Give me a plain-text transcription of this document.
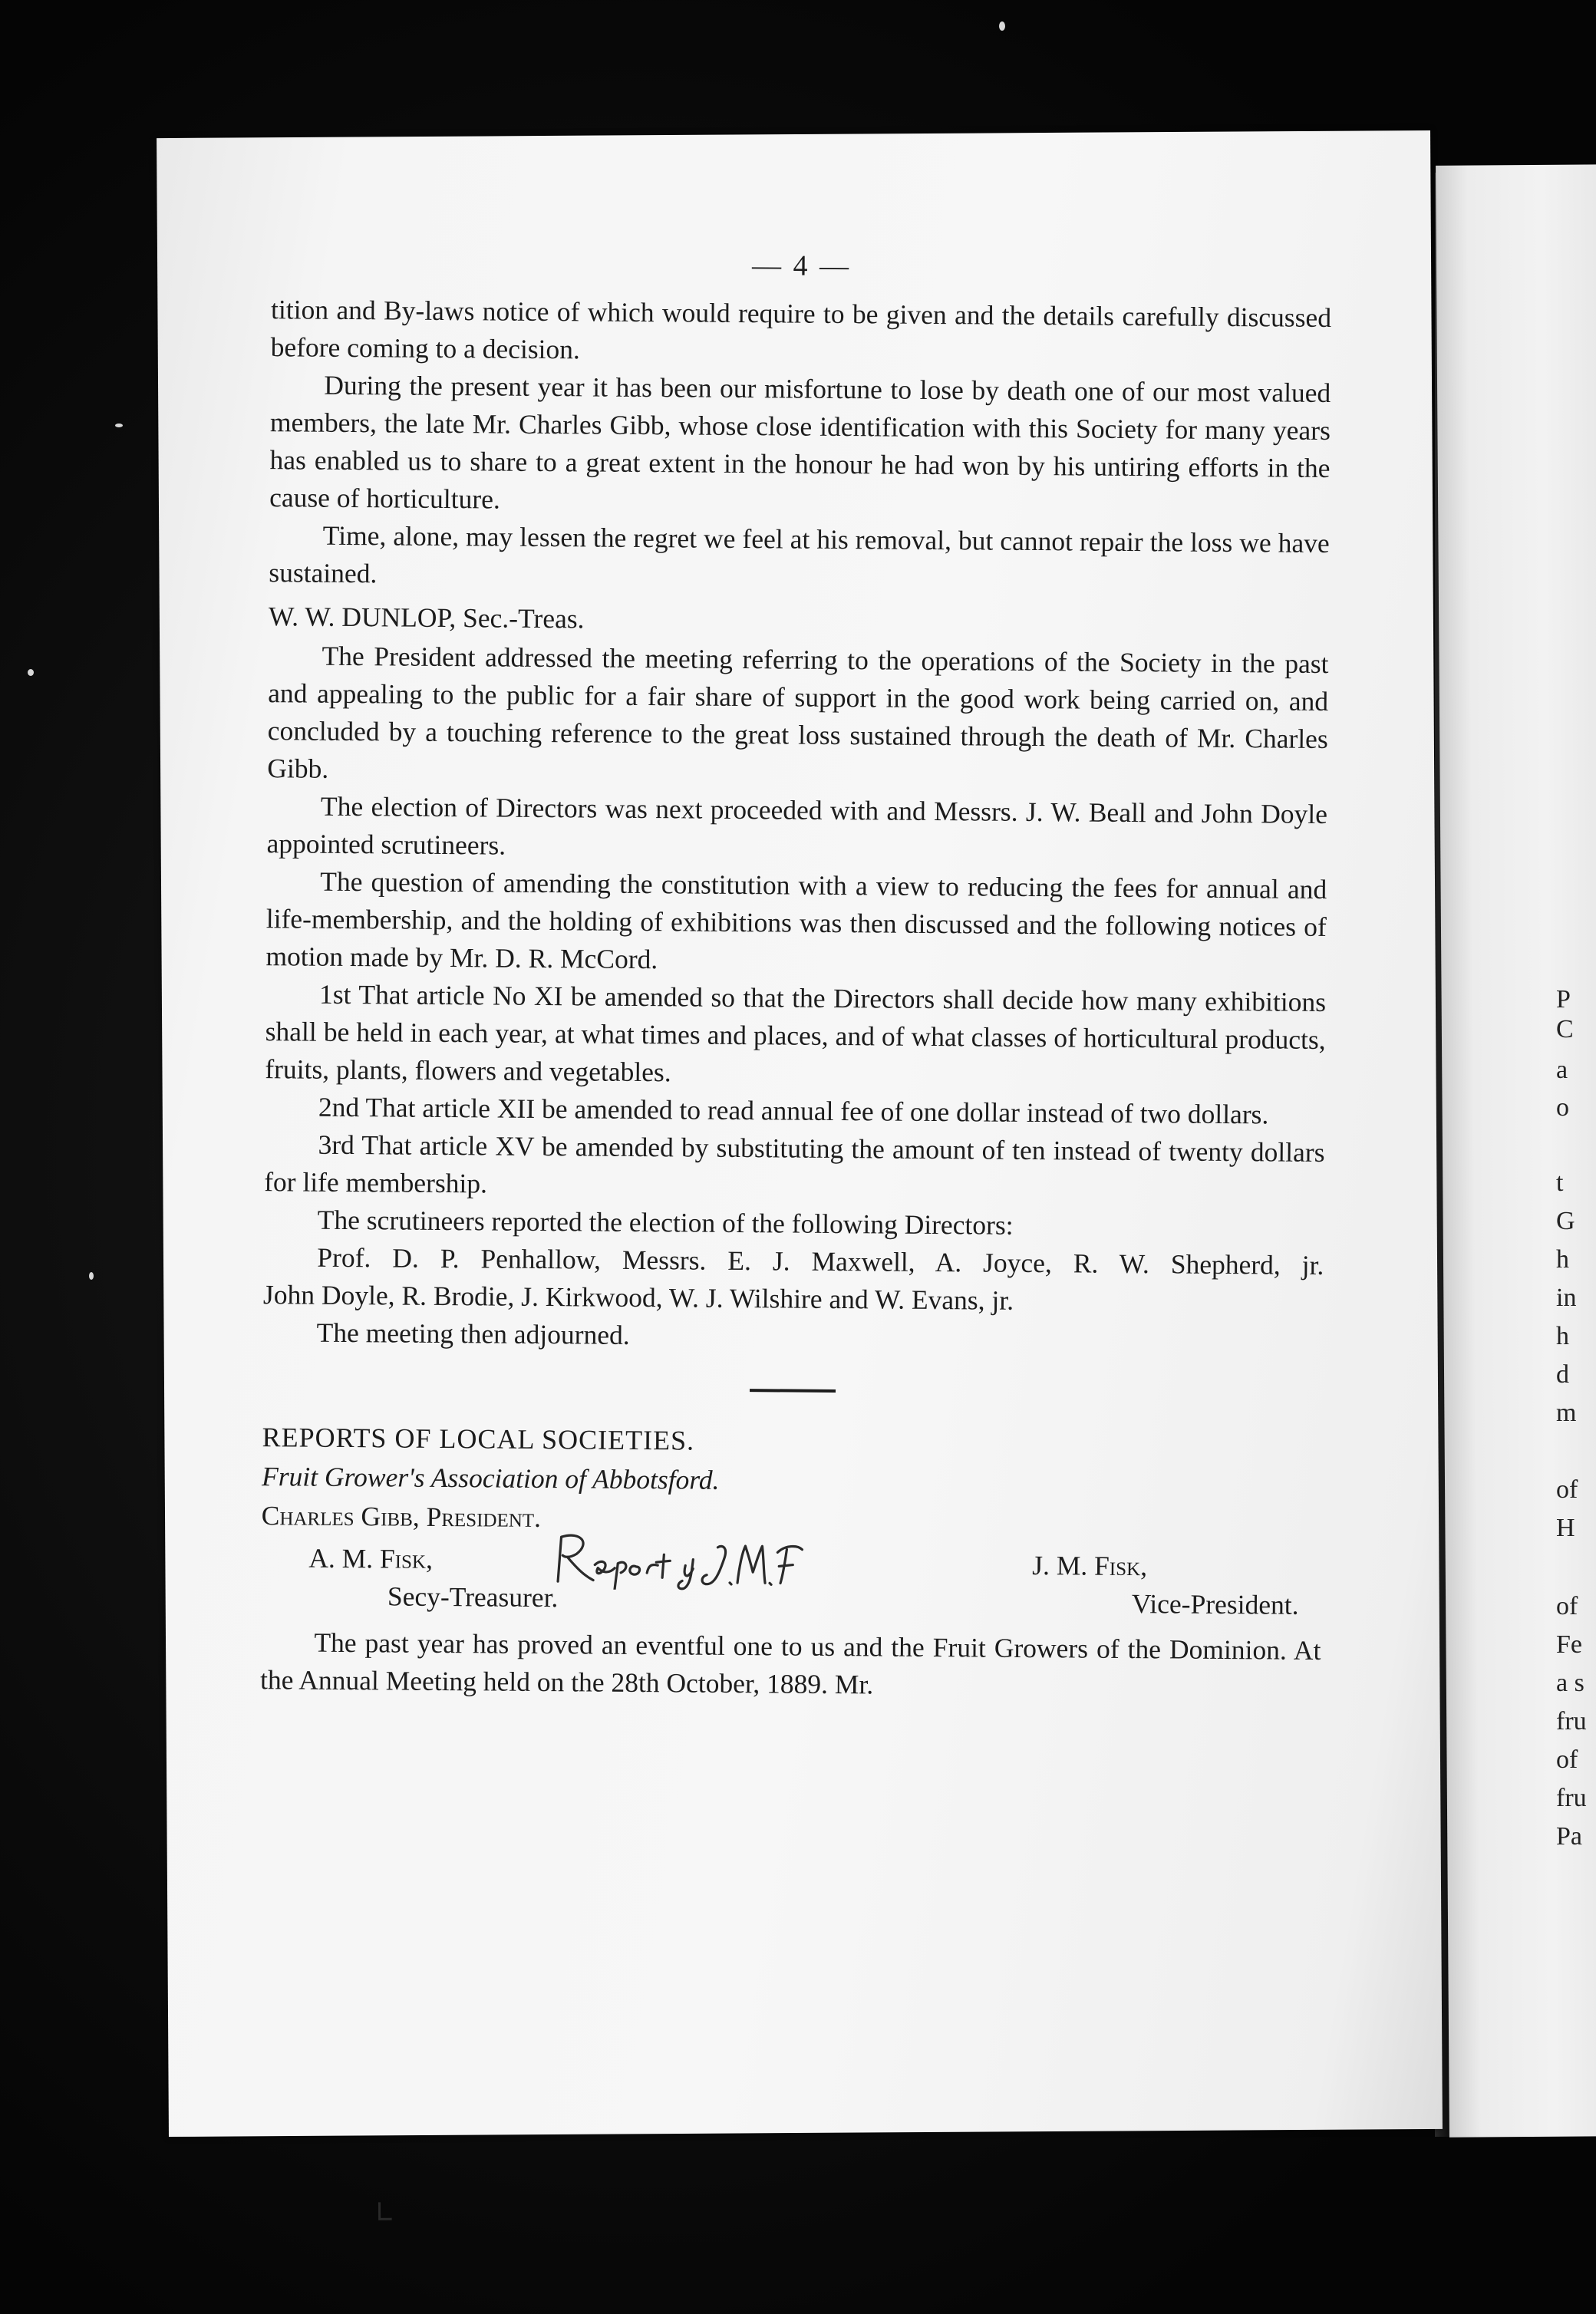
P
C
a
o
t
G
h
in
h
d
m
of
H
of
Fe
a s
fru
of
fru
Pa
— 4 —

tition and By-laws notice of which would require to be given and the details carefully discussed before coming to a decision.

During the present year it has been our misfortune to lose by death one of our most valued members, the late Mr. Charles Gibb, whose close identification with this Society for many years has enabled us to share to a great extent in the honour he had won by his untiring efforts in the cause of horticulture.

Time, alone, may lessen the regret we feel at his removal, but cannot repair the loss we have sustained.

W. W. DUNLOP, Sec.-Treas.

The President addressed the meeting referring to the operations of the Society in the past and appealing to the public for a fair share of support in the good work being carried on, and concluded by a touching reference to the great loss sustained through the death of Mr. Charles Gibb.

The election of Directors was next proceeded with and Messrs. J. W. Beall and John Doyle appointed scrutineers.

The question of amending the constitution with a view to reducing the fees for annual and life-membership, and the holding of exhibitions was then discussed and the following notices of motion made by Mr. D. R. McCord.

1st That article No XI be amended so that the Directors shall decide how many exhibitions shall be held in each year, at what times and places, and of what classes of horticultural products, fruits, plants, flowers and vegetables.

2nd That article XII be amended to read annual fee of one dollar instead of two dollars.

3rd That article XV be amended by substituting the amount of ten instead of twenty dollars for life membership.

The scrutineers reported the election of the following Directors:

Prof. D. P. Penhallow, Messrs. E. J. Maxwell, A. Joyce, R. W. Shepherd, jr.

John Doyle, R. Brodie, J. Kirkwood, W. J. Wilshire and W. Evans, jr.

The meeting then adjourned.

REPORTS OF LOCAL SOCIETIES.

Fruit Grower's Association of Abbotsford.

Charles Gibb, President.

A. M. Fisk,
Secy-Treasurer.
J. M. Fisk,
Vice-President.

The past year has proved an eventful one to us and the Fruit Growers of the Dominion. At the Annual Meeting held on the 28th October, 1889. Mr.
